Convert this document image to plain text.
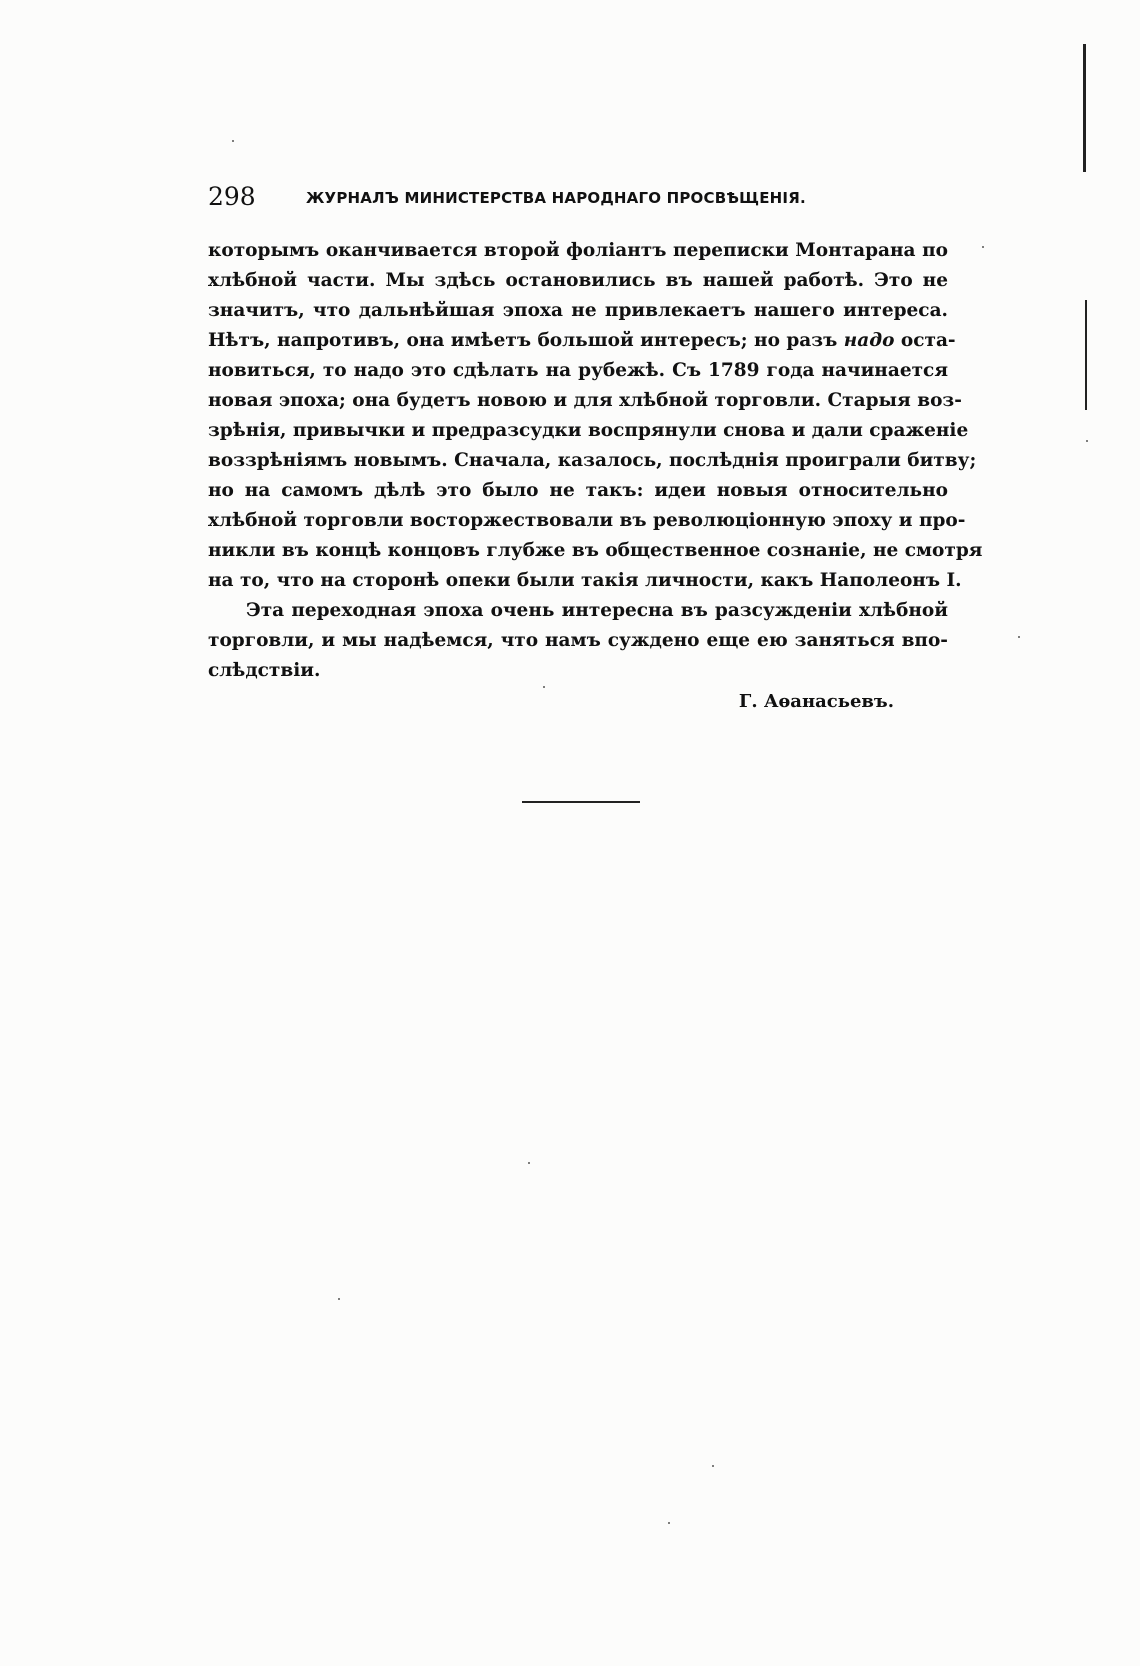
298	ЖУРНАЛЪ МИНИСТЕРСТВА НАРОДНАГО ПРОСВѢЩЕНІЯ.
которымъ оканчивается второй фоліантъ переписки Монтарана по
хлѣбной части. Мы здѣсь остановились въ нашей работѣ. Это не
значитъ, что дальнѣйшая эпоха не привлекаетъ нашего интереса.
Нѣтъ, напротивъ, она имѣетъ большой интересъ; но разъ надо оста-
новиться, то надо это сдѣлать на рубежѣ. Съ 1789 года начинается
новая эпоха; она будетъ новою и для хлѣбной торговли. Старыя воз-
зрѣнія, привычки и предразсудки воспрянули снова и дали сраженіе
воззрѣніямъ новымъ. Сначала, казалось, послѣднія проиграли битву;
но на самомъ дѣлѣ это было не такъ: идеи новыя относительно
хлѣбной торговли восторжествовали въ революціонную эпоху и про-
никли въ концѣ концовъ глубже въ общественное сознаніе, не смотря
на то, что на сторонѣ опеки были такія личности, какъ Наполеонъ I.
Эта переходная эпоха очень интересна въ разсужденіи хлѣбной
торговли, и мы надѣемся, что намъ суждено еще ею заняться впо-
слѣдствіи.
Г. Аѳанасьевъ.
